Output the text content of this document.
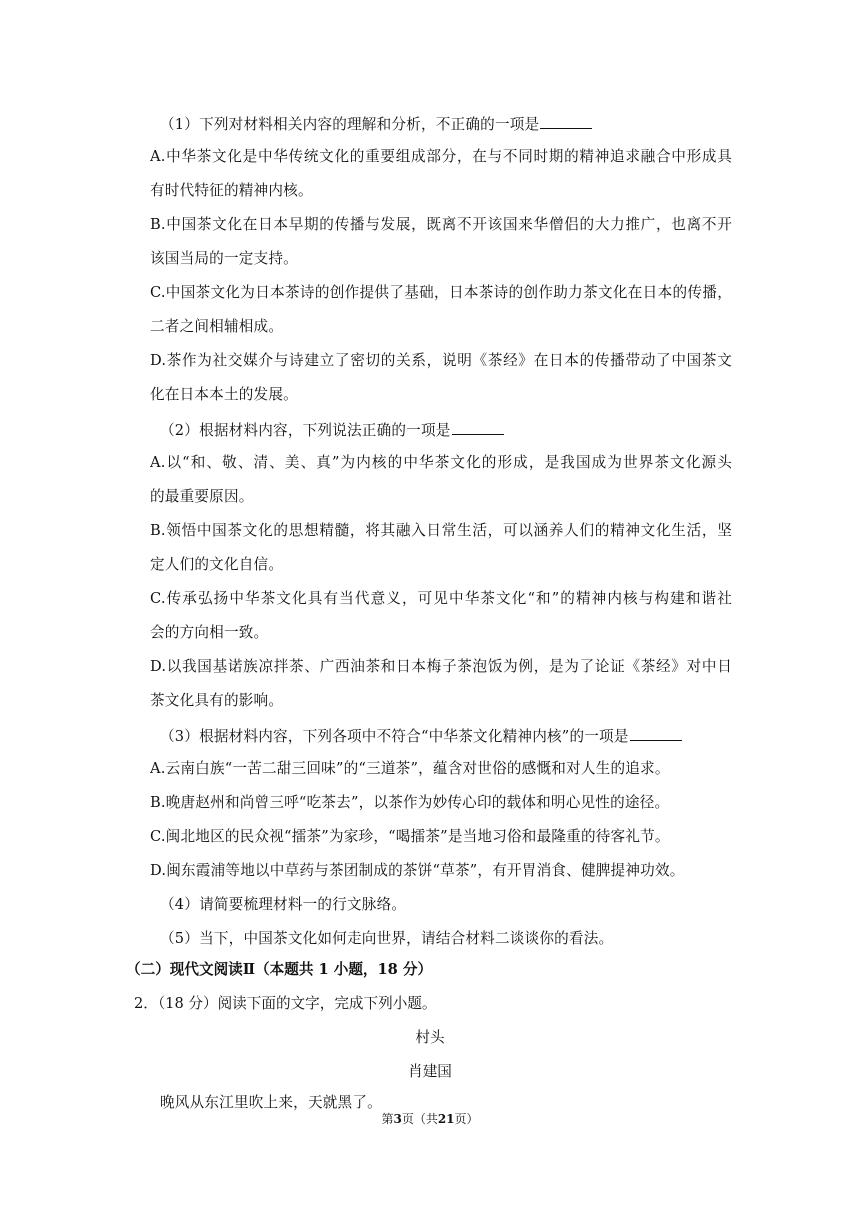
（1）下列对材料相关内容的理解和分析，不正确的一项是
A.中华茶文化是中华传统文化的重要组成部分，在与不同时期的精神追求融合中形成具
有时代特征的精神内核。
B.中国茶文化在日本早期的传播与发展，既离不开该国来华僧侣的大力推广，也离不开
该国当局的一定支持。
C.中国茶文化为日本茶诗的创作提供了基础，日本茶诗的创作助力茶文化在日本的传播，
二者之间相辅相成。
D.茶作为社交媒介与诗建立了密切的关系，说明《茶经》在日本的传播带动了中国茶文
化在日本本土的发展。
（2）根据材料内容，下列说法正确的一项是
A.以“和、敬、清、美、真”为内核的中华茶文化的形成，是我国成为世界茶文化源头
的最重要原因。
B.领悟中国茶文化的思想精髓，将其融入日常生活，可以涵养人们的精神文化生活，坚
定人们的文化自信。
C.传承弘扬中华茶文化具有当代意义，可见中华茶文化“和”的精神内核与构建和谐社
会的方向相一致。
D.以我国基诺族凉拌茶、广西油茶和日本梅子茶泡饭为例，是为了论证《茶经》对中日
茶文化具有的影响。
（3）根据材料内容，下列各项中不符合“中华茶文化精神内核”的一项是
A.云南白族“一苦二甜三回味”的“三道茶”，蕴含对世俗的感慨和对人生的追求。
B.晚唐赵州和尚曾三呼“吃茶去”，以茶作为妙传心印的载体和明心见性的途径。
C.闽北地区的民众视“擂茶”为家珍，“喝擂茶”是当地习俗和最隆重的待客礼节。
D.闽东霞浦等地以中草药与茶团制成的茶饼“草茶”，有开胃消食、健脾提神功效。
（4）请简要梳理材料一的行文脉络。
（5）当下，中国茶文化如何走向世界，请结合材料二谈谈你的看法。
（二）现代文阅读Ⅱ（本题共 1 小题，18 分）
2．（18 分）阅读下面的文字，完成下列小题。
村头
肖建国
晚风从东江里吹上来，天就黑了。
第3页（共21页）
